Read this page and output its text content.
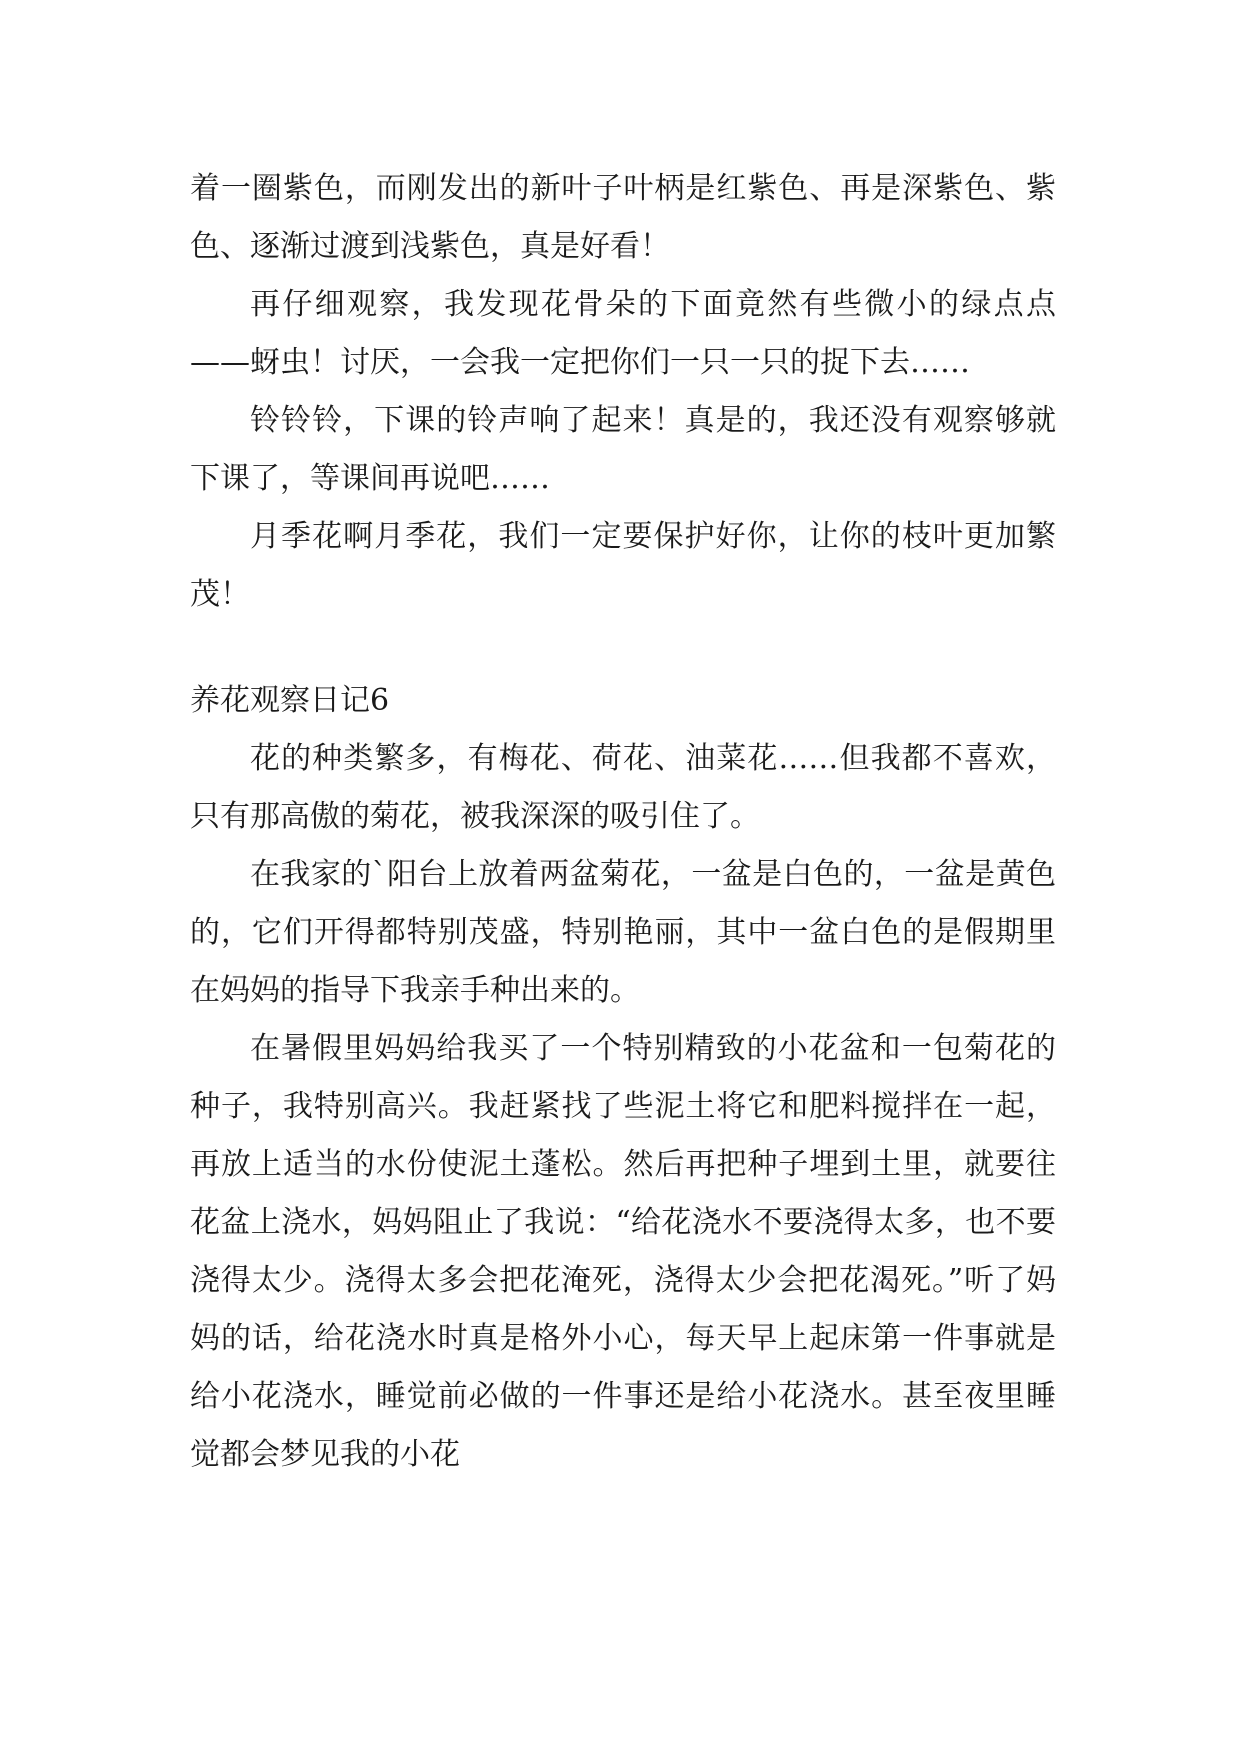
着一圈紫色，而刚发出的新叶子叶柄是红紫色、再是深紫色、紫色、逐渐过渡到浅紫色，真是好看！

再仔细观察，我发现花骨朵的下面竟然有些微小的绿点点——蚜虫！讨厌，一会我一定把你们一只一只的捉下去……

铃铃铃，下课的铃声响了起来！真是的，我还没有观察够就下课了，等课间再说吧……

月季花啊月季花，我们一定要保护好你，让你的枝叶更加繁茂！

养花观察日记6

花的种类繁多，有梅花、荷花、油菜花……但我都不喜欢，只有那高傲的菊花，被我深深的吸引住了。

在我家的`阳台上放着两盆菊花，一盆是白色的，一盆是黄色的，它们开得都特别茂盛，特别艳丽，其中一盆白色的是假期里在妈妈的指导下我亲手种出来的。

在暑假里妈妈给我买了一个特别精致的小花盆和一包菊花的种子，我特别高兴。我赶紧找了些泥土将它和肥料搅拌在一起，再放上适当的水份使泥土蓬松。然后再把种子埋到土里，就要往花盆上浇水，妈妈阻止了我说：“给花浇水不要浇得太多，也不要浇得太少。浇得太多会把花淹死，浇得太少会把花渴死。”听了妈妈的话，给花浇水时真是格外小心，每天早上起床第一件事就是给小花浇水，睡觉前必做的一件事还是给小花浇水。甚至夜里睡觉都会梦见我的小花
